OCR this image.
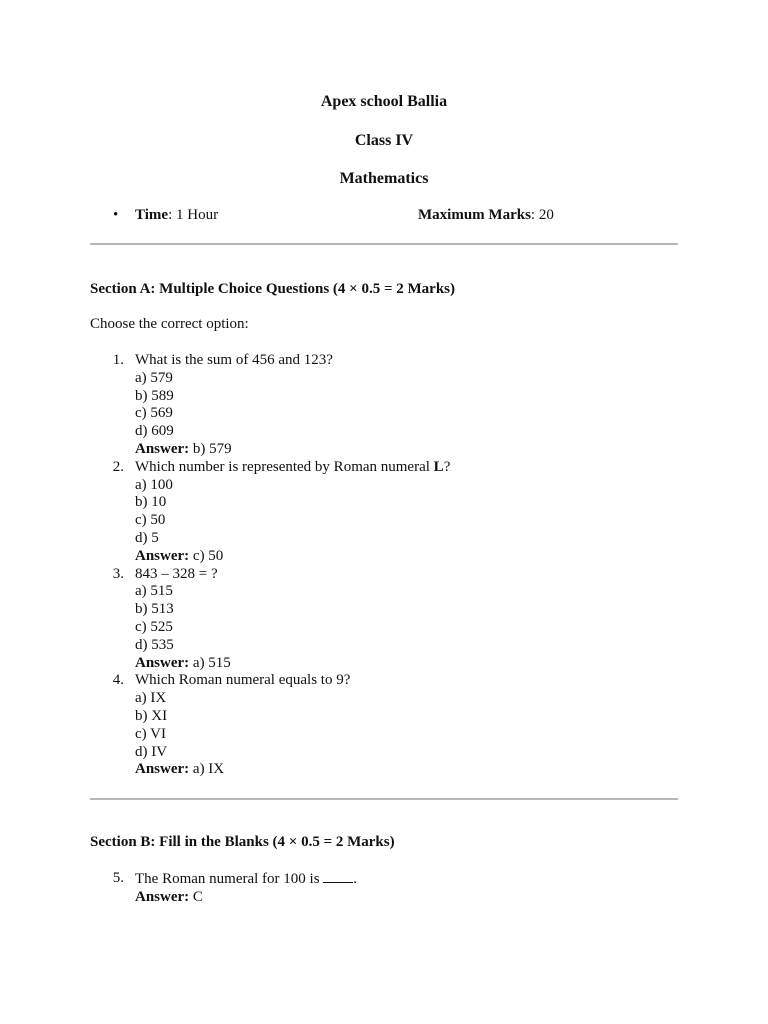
Apex school Ballia
Class IV
Mathematics
• Time: 1 Hour	Maximum Marks: 20
Section A: Multiple Choice Questions (4 × 0.5 = 2 Marks)
Choose the correct option:
1. What is the sum of 456 and 123?
a) 579
b) 589
c) 569
d) 609
Answer: b) 579
2. Which number is represented by Roman numeral L?
a) 100
b) 10
c) 50
d) 5
Answer: c) 50
3. 843 – 328 = ?
a) 515
b) 513
c) 525
d) 535
Answer: a) 515
4. Which Roman numeral equals to 9?
a) IX
b) XI
c) VI
d) IV
Answer: a) IX
Section B: Fill in the Blanks (4 × 0.5 = 2 Marks)
5. The Roman numeral for 100 is .
Answer: C
